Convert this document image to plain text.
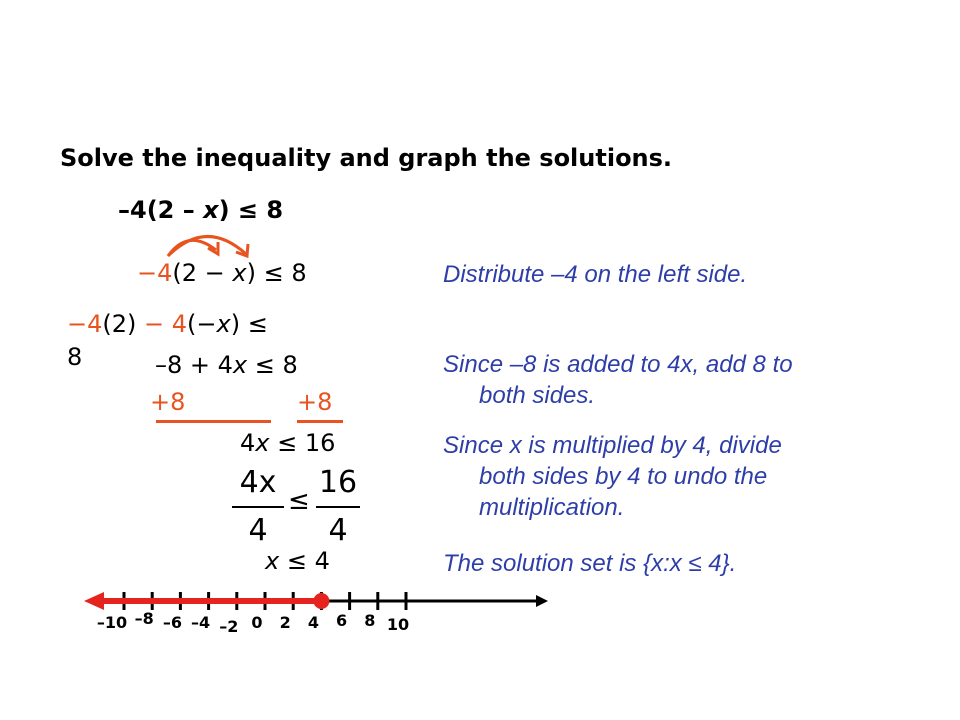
Solve the inequality and graph the solutions.
–4(2 – x) ≤ 8
−4(2 − x) ≤ 8
−4(2) − 4(−x) ≤
8	–8 + 4x ≤ 8
+8	+8
4x ≤ 16
4x
4
≤
16
4
x ≤ 4
Distribute –4 on the left side.
Since –8 is added to 4x, add 8 to
both sides.
Since x is multiplied by 4, divide
both sides by 4 to undo the
multiplication.
The solution set is {x:x ≤ 4}.
–10 –8 –6 –4 –2 0 2 4 6 8 10
